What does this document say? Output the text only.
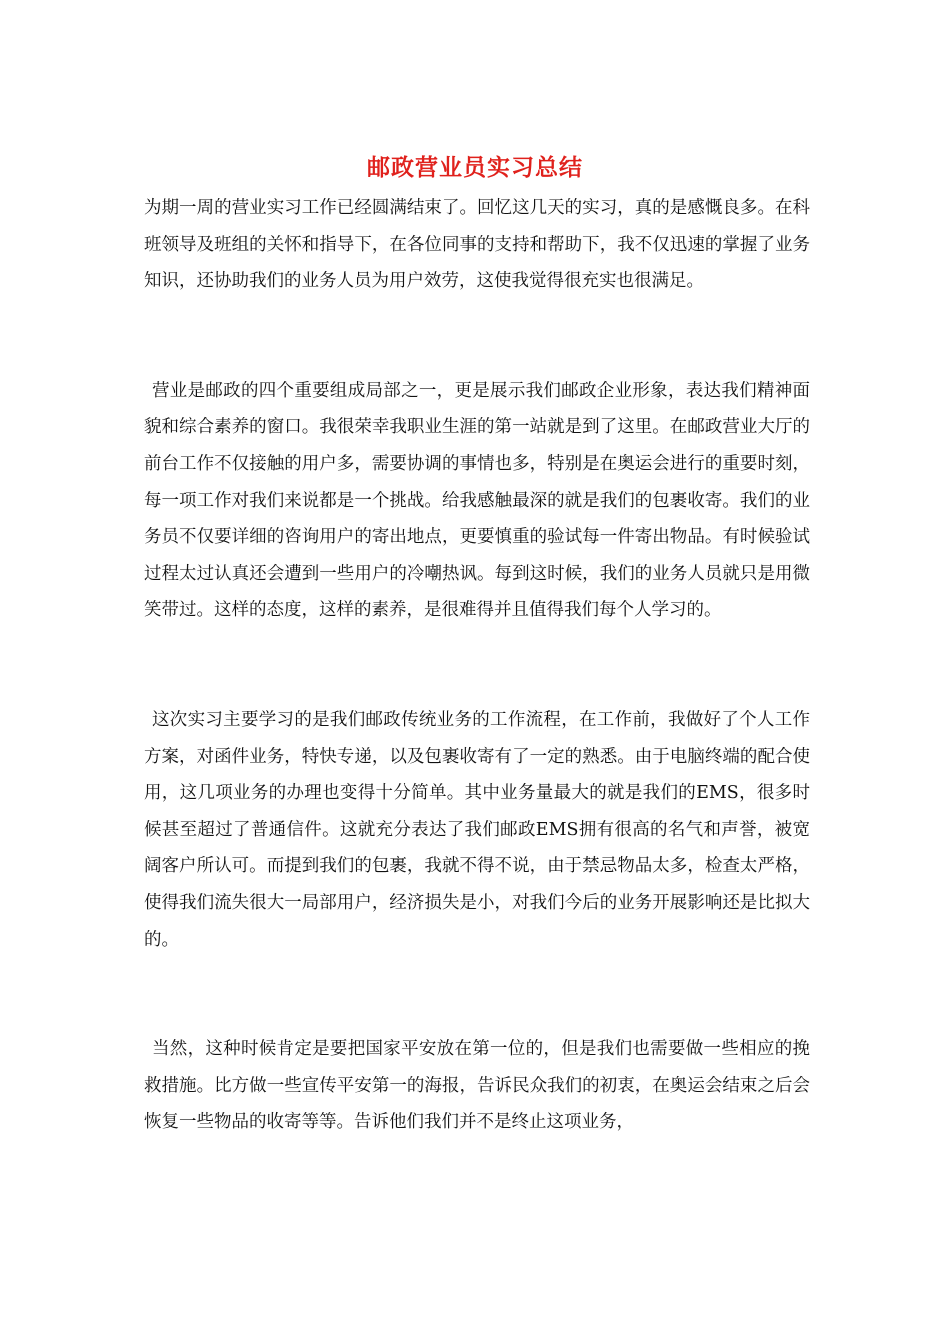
邮政营业员实习总结

为期一周的营业实习工作已经圆满结束了。回忆这几天的实习，真的是感慨良多。在科班领导及班组的关怀和指导下，在各位同事的支持和帮助下，我不仅迅速的掌握了业务知识，还协助我们的业务人员为用户效劳，这使我觉得很充实也很满足。

营业是邮政的四个重要组成局部之一，更是展示我们邮政企业形象，表达我们精神面貌和综合素养的窗口。我很荣幸我职业生涯的第一站就是到了这里。在邮政营业大厅的前台工作不仅接触的用户多，需要协调的事情也多，特别是在奥运会进行的重要时刻，每一项工作对我们来说都是一个挑战。给我感触最深的就是我们的包裹收寄。我们的业务员不仅要详细的咨询用户的寄出地点，更要慎重的验试每一件寄出物品。有时候验试过程太过认真还会遭到一些用户的冷嘲热讽。每到这时候，我们的业务人员就只是用微笑带过。这样的态度，这样的素养，是很难得并且值得我们每个人学习的。

这次实习主要学习的是我们邮政传统业务的工作流程，在工作前，我做好了个人工作方案，对函件业务，特快专递，以及包裹收寄有了一定的熟悉。由于电脑终端的配合使用，这几项业务的办理也变得十分简单。其中业务量最大的就是我们的EMS，很多时候甚至超过了普通信件。这就充分表达了我们邮政EMS拥有很高的名气和声誉，被宽阔客户所认可。而提到我们的包裹，我就不得不说，由于禁忌物品太多，检查太严格，使得我们流失很大一局部用户，经济损失是小，对我们今后的业务开展影响还是比拟大的。

当然，这种时候肯定是要把国家平安放在第一位的，但是我们也需要做一些相应的挽救措施。比方做一些宣传平安第一的海报，告诉民众我们的初衷，在奥运会结束之后会恢复一些物品的收寄等等。告诉他们我们并不是终止这项业务，
